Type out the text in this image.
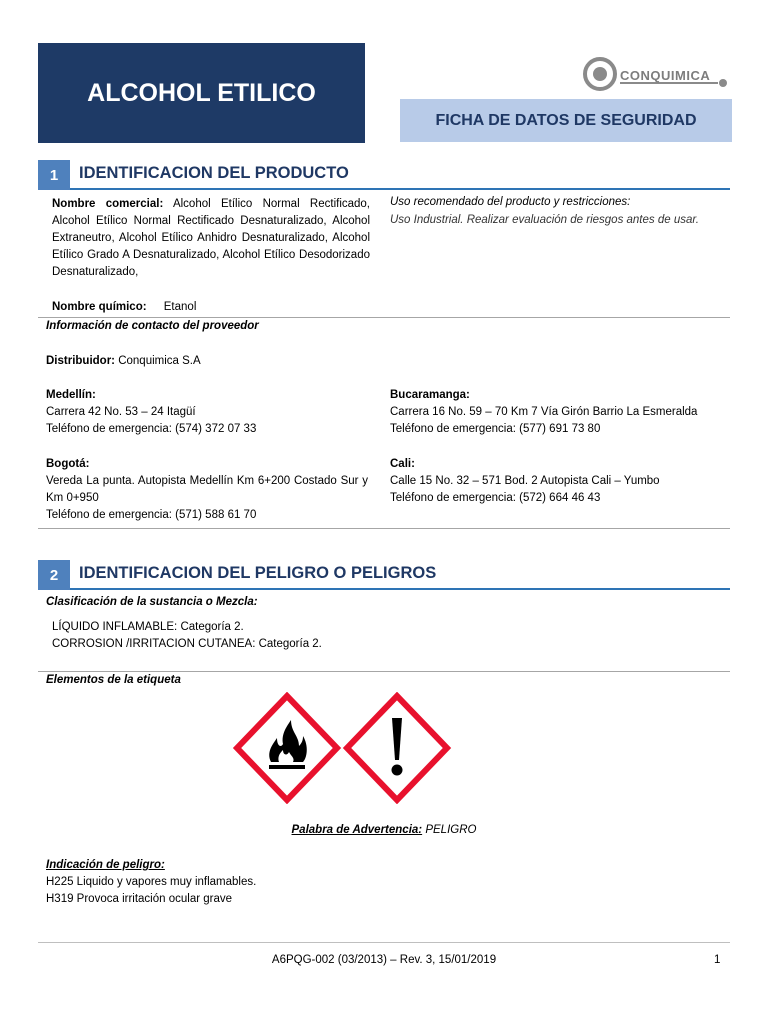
ALCOHOL ETILICO
CONQUIMICA
FICHA DE DATOS DE SEGURIDAD
1	IDENTIFICACION DEL PRODUCTO
Nombre comercial: Alcohol Etílico Normal Rectificado, Alcohol Etílico Normal Rectificado Desnaturalizado, Alcohol Extraneutro, Alcohol Etílico Anhidro Desnaturalizado, Alcohol Etílico Grado A Desnaturalizado, Alcohol Etílico Desodorizado Desnaturalizado,
Nombre químico: Etanol
Uso recomendado del producto y restricciones:
Uso Industrial. Realizar evaluación de riesgos antes de usar.
Información de contacto del proveedor
Distribuidor: Conquimica S.A
Medellín:
Carrera 42 No. 53 – 24 Itagüí
Teléfono de emergencia: (574) 372 07 33
Bucaramanga:
Carrera 16 No. 59 – 70 Km 7 Vía Girón Barrio La Esmeralda
Teléfono de emergencia: (577) 691 73 80
Bogotá:
Vereda La punta. Autopista Medellín Km 6+200 Costado Sur y Km 0+950
Teléfono de emergencia: (571) 588 61 70
Cali:
Calle 15 No. 32 – 571 Bod. 2 Autopista Cali – Yumbo
Teléfono de emergencia: (572) 664 46 43
2	IDENTIFICACION DEL PELIGRO O PELIGROS
Clasificación de la sustancia o Mezcla:
LÍQUIDO INFLAMABLE: Categoría 2.
CORROSION /IRRITACION CUTANEA: Categoría 2.
Elementos de la etiqueta
Palabra de Advertencia: PELIGRO
Indicación de peligro:
H225 Liquido y vapores muy inflamables.
H319 Provoca irritación ocular grave
A6PQG-002 (03/2013) – Rev. 3, 15/01/2019	1
